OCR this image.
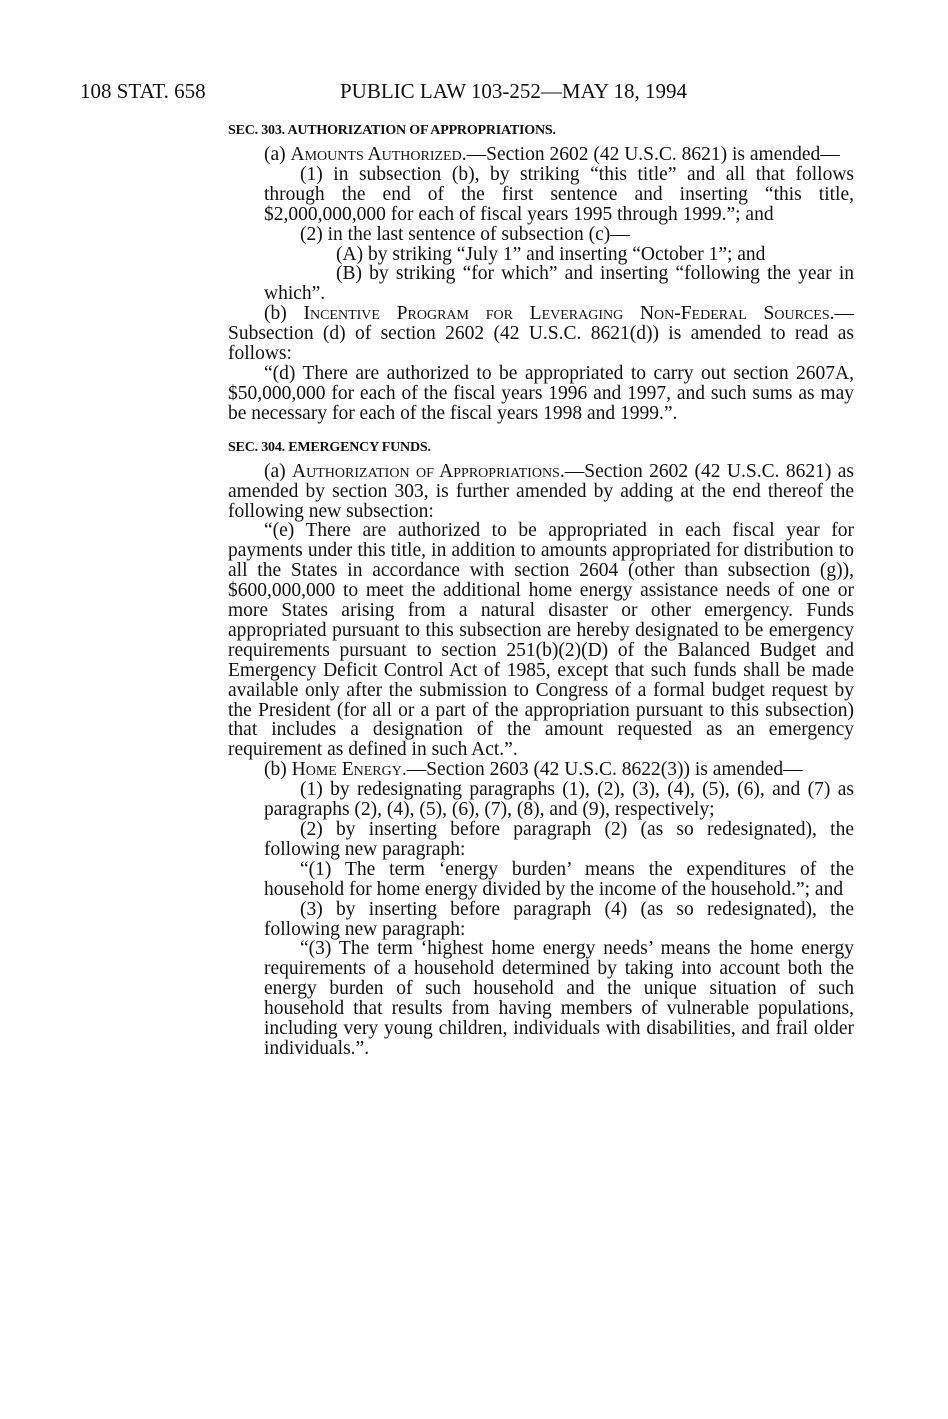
108 STAT. 658	PUBLIC LAW 103-252—MAY 18, 1994
SEC. 303. AUTHORIZATION OF APPROPRIATIONS.

(a) Amounts Authorized.—Section 2602 (42 U.S.C. 8621) is amended—

(1) in subsection (b), by striking “this title” and all that follows through the end of the first sentence and inserting “this title, $2,000,000,000 for each of fiscal years 1995 through 1999.”; and

(2) in the last sentence of subsection (c)—

(A) by striking “July 1” and inserting “October 1”; and

(B) by striking “for which” and inserting “following the year in which”.

(b) Incentive Program for Leveraging Non-Federal Sources.—Subsection (d) of section 2602 (42 U.S.C. 8621(d)) is amended to read as follows:

“(d) There are authorized to be appropriated to carry out section 2607A, $50,000,000 for each of the fiscal years 1996 and 1997, and such sums as may be necessary for each of the fiscal years 1998 and 1999.”.

SEC. 304. EMERGENCY FUNDS.

(a) Authorization of Appropriations.—Section 2602 (42 U.S.C. 8621) as amended by section 303, is further amended by adding at the end thereof the following new subsection:

“(e) There are authorized to be appropriated in each fiscal year for payments under this title, in addition to amounts appropriated for distribution to all the States in accordance with section 2604 (other than subsection (g)), $600,000,000 to meet the additional home energy assistance needs of one or more States arising from a natural disaster or other emergency. Funds appropriated pursuant to this subsection are hereby designated to be emergency requirements pursuant to section 251(b)(2)(D) of the Balanced Budget and Emergency Deficit Control Act of 1985, except that such funds shall be made available only after the submission to Congress of a formal budget request by the President (for all or a part of the appropriation pursuant to this subsection) that includes a designation of the amount requested as an emergency requirement as defined in such Act.”.

(b) Home Energy.—Section 2603 (42 U.S.C. 8622(3)) is amended—

(1) by redesignating paragraphs (1), (2), (3), (4), (5), (6), and (7) as paragraphs (2), (4), (5), (6), (7), (8), and (9), respectively;

(2) by inserting before paragraph (2) (as so redesignated), the following new paragraph:

“(1) The term ‘energy burden’ means the expenditures of the household for home energy divided by the income of the household.”; and

(3) by inserting before paragraph (4) (as so redesignated), the following new paragraph:

“(3) The term ‘highest home energy needs’ means the home energy requirements of a household determined by taking into account both the energy burden of such household and the unique situation of such household that results from having members of vulnerable populations, including very young children, individuals with disabilities, and frail older individuals.”.
